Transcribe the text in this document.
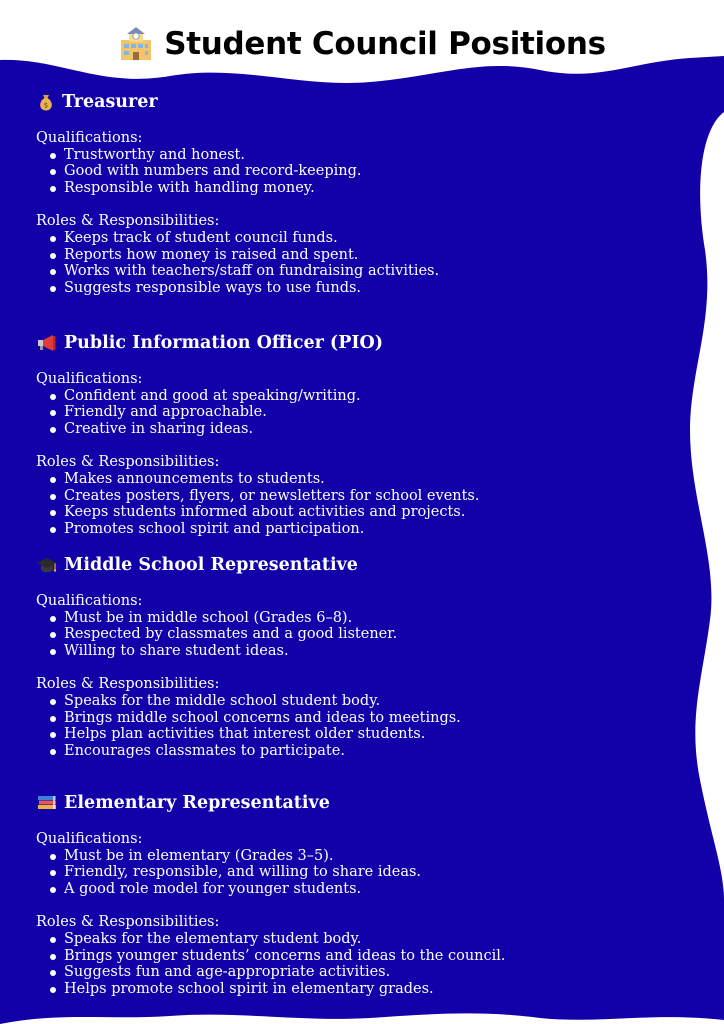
Student Council Positions
$ Treasurer
Qualifications:
Trustworthy and honest.
Good with numbers and record-keeping.
Responsible with handling money.
Roles & Responsibilities:
Keeps track of student council funds.
Reports how money is raised and spent.
Works with teachers/staff on fundraising activities.
Suggests responsible ways to use funds.
Public Information Officer (PIO)
Qualifications:
Confident and good at speaking/writing.
Friendly and approachable.
Creative in sharing ideas.
Roles & Responsibilities:
Makes announcements to students.
Creates posters, flyers, or newsletters for school events.
Keeps students informed about activities and projects.
Promotes school spirit and participation.
Middle School Representative
Qualifications:
Must be in middle school (Grades 6–8).
Respected by classmates and a good listener.
Willing to share student ideas.
Roles & Responsibilities:
Speaks for the middle school student body.
Brings middle school concerns and ideas to meetings.
Helps plan activities that interest older students.
Encourages classmates to participate.
Elementary Representative
Qualifications:
Must be in elementary (Grades 3–5).
Friendly, responsible, and willing to share ideas.
A good role model for younger students.
Roles & Responsibilities:
Speaks for the elementary student body.
Brings younger students’ concerns and ideas to the council.
Suggests fun and age-appropriate activities.
Helps promote school spirit in elementary grades.
